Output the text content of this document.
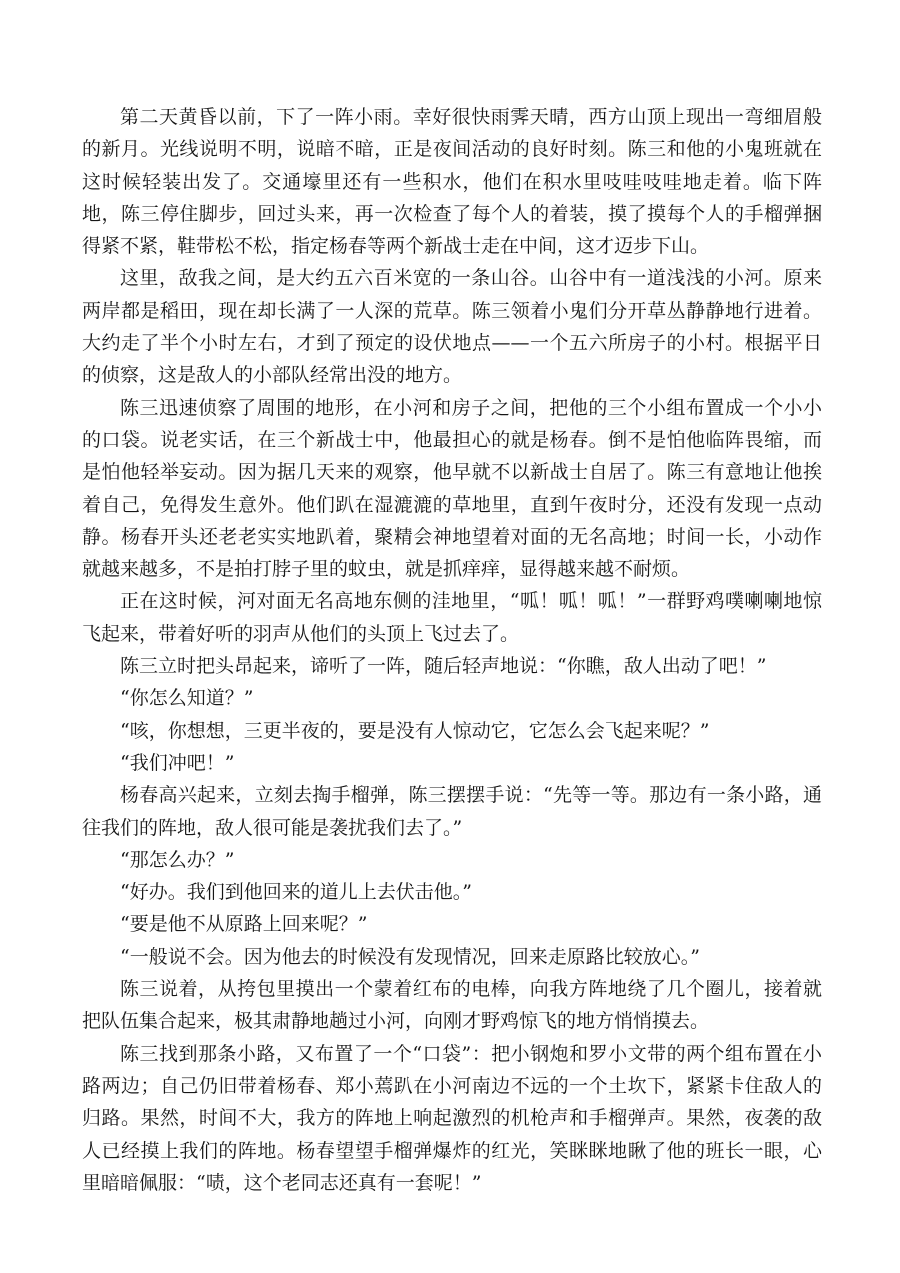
第二天黄昏以前，下了一阵小雨。幸好很快雨霁天晴，西方山顶上现出一弯细眉般的新月。光线说明不明，说暗不暗，正是夜间活动的良好时刻。陈三和他的小鬼班就在这时候轻装出发了。交通壕里还有一些积水，他们在积水里吱哇吱哇地走着。临下阵地，陈三停住脚步，回过头来，再一次检查了每个人的着装，摸了摸每个人的手榴弹捆得紧不紧，鞋带松不松，指定杨春等两个新战士走在中间，这才迈步下山。

这里，敌我之间，是大约五六百米宽的一条山谷。山谷中有一道浅浅的小河。原来两岸都是稻田，现在却长满了一人深的荒草。陈三领着小鬼们分开草丛静静地行进着。大约走了半个小时左右，才到了预定的设伏地点——一个五六所房子的小村。根据平日的侦察，这是敌人的小部队经常出没的地方。

陈三迅速侦察了周围的地形，在小河和房子之间，把他的三个小组布置成一个小小的口袋。说老实话，在三个新战士中，他最担心的就是杨春。倒不是怕他临阵畏缩，而是怕他轻举妄动。因为据几天来的观察，他早就不以新战士自居了。陈三有意地让他挨着自己，免得发生意外。他们趴在湿漉漉的草地里，直到午夜时分，还没有发现一点动静。杨春开头还老老实实地趴着，聚精会神地望着对面的无名高地；时间一长，小动作就越来越多，不是拍打脖子里的蚊虫，就是抓痒痒，显得越来越不耐烦。

正在这时候，河对面无名高地东侧的洼地里，“呱！呱！呱！”一群野鸡噗喇喇地惊飞起来，带着好听的羽声从他们的头顶上飞过去了。

陈三立时把头昂起来，谛听了一阵，随后轻声地说：“你瞧，敌人出动了吧！”

“你怎么知道？”

“咳，你想想，三更半夜的，要是没有人惊动它，它怎么会飞起来呢？”

“我们冲吧！”

杨春高兴起来，立刻去掏手榴弹，陈三摆摆手说：“先等一等。那边有一条小路，通往我们的阵地，敌人很可能是袭扰我们去了。”

“那怎么办？”

“好办。我们到他回来的道儿上去伏击他。”

“要是他不从原路上回来呢？”

“一般说不会。因为他去的时候没有发现情况，回来走原路比较放心。”

陈三说着，从挎包里摸出一个蒙着红布的电棒，向我方阵地绕了几个圈儿，接着就把队伍集合起来，极其肃静地趟过小河，向刚才野鸡惊飞的地方悄悄摸去。

陈三找到那条小路，又布置了一个“口袋”：把小钢炮和罗小文带的两个组布置在小路两边；自己仍旧带着杨春、郑小蔫趴在小河南边不远的一个土坎下，紧紧卡住敌人的归路。果然，时间不大，我方的阵地上响起激烈的机枪声和手榴弹声。果然，夜袭的敌人已经摸上我们的阵地。杨春望望手榴弹爆炸的红光，笑眯眯地瞅了他的班长一眼，心里暗暗佩服：“啧，这个老同志还真有一套呢！”
